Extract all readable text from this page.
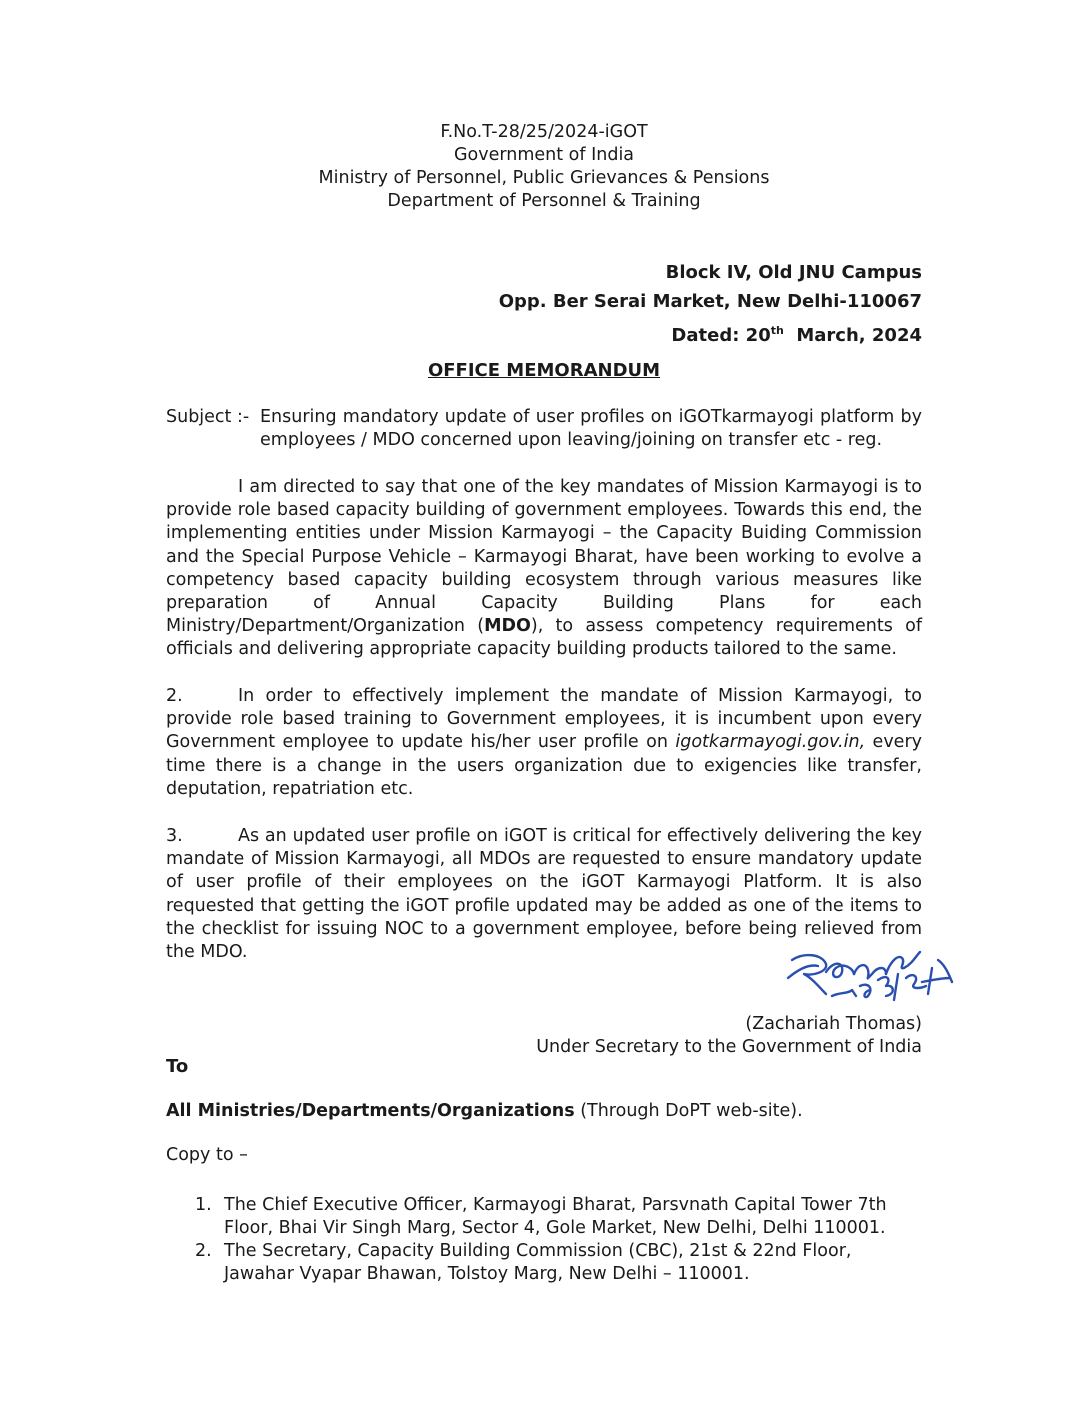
F.No.T-28/25/2024-iGOT
Government of India
Ministry of Personnel, Public Grievances & Pensions
Department of Personnel & Training
Block IV, Old JNU Campus
Opp. Ber Serai Market, New Delhi-110067
Dated: 20th March, 2024
OFFICE MEMORANDUM
Subject :- Ensuring mandatory update of user profiles on iGOTkarmayogi platform by employees / MDO concerned upon leaving/joining on transfer etc - reg.
I am directed to say that one of the key mandates of Mission Karmayogi is to provide role based capacity building of government employees. Towards this end, the implementing entities under Mission Karmayogi – the Capacity Buiding Commission and the Special Purpose Vehicle – Karmayogi Bharat, have been working to evolve a competency based capacity building ecosystem through various measures like preparation of Annual Capacity Building Plans for each Ministry/Department/Organization (MDO), to assess competency requirements of officials and delivering appropriate capacity building products tailored to the same.
2.	In order to effectively implement the mandate of Mission Karmayogi, to provide role based training to Government employees, it is incumbent upon every Government employee to update his/her user profile on igotkarmayogi.gov.in, every time there is a change in the users organization due to exigencies like transfer, deputation, repatriation etc.
3.	As an updated user profile on iGOT is critical for effectively delivering the key mandate of Mission Karmayogi, all MDOs are requested to ensure mandatory update of user profile of their employees on the iGOT Karmayogi Platform. It is also requested that getting the iGOT profile updated may be added as one of the items to the checklist for issuing NOC to a government employee, before being relieved from the MDO.
(Zachariah Thomas)
Under Secretary to the Government of India
To
All Ministries/Departments/Organizations (Through DoPT web-site).
Copy to –
1. The Chief Executive Officer, Karmayogi Bharat, Parsvnath Capital Tower 7th Floor, Bhai Vir Singh Marg, Sector 4, Gole Market, New Delhi, Delhi 110001.
2. The Secretary, Capacity Building Commission (CBC), 21st & 22nd Floor, Jawahar Vyapar Bhawan, Tolstoy Marg, New Delhi – 110001.
